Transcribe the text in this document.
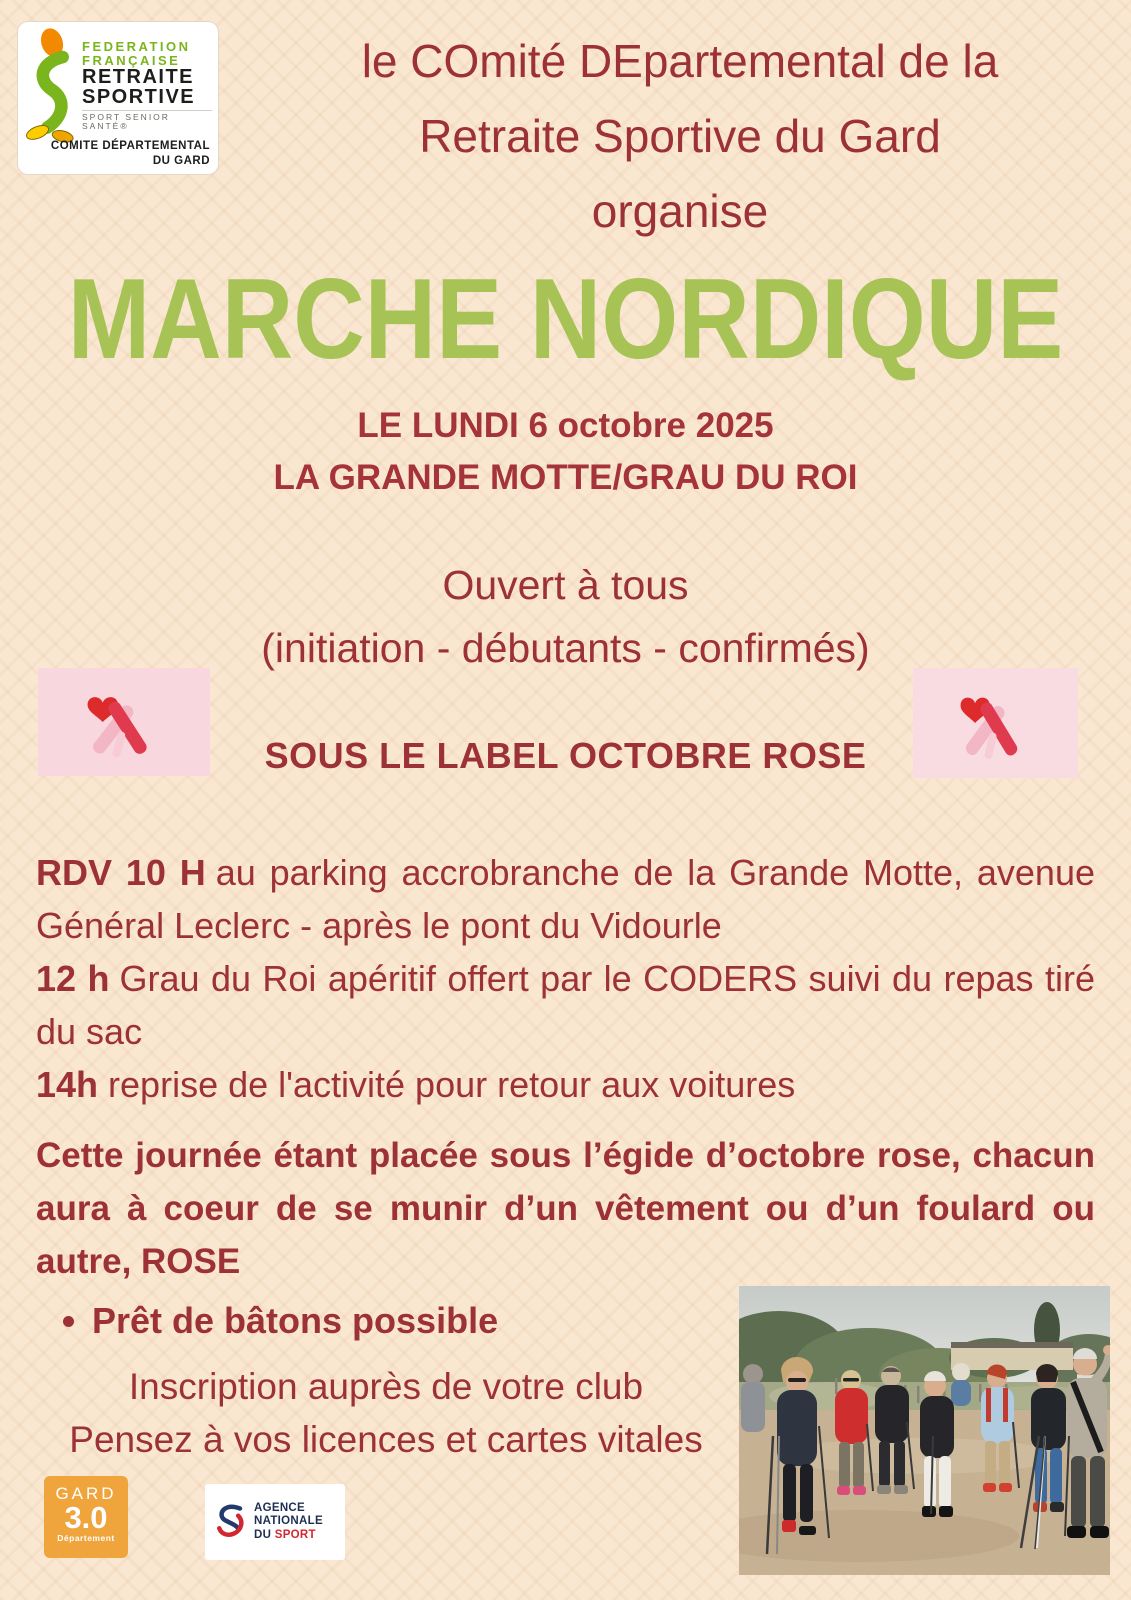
FEDERATION
FRANÇAISE
RETRAITE
SPORTIVE
SPORT SENIOR SANTÉ®
COMITE DÉPARTEMENTAL
DU GARD
le COmité DEpartemental de la
Retraite Sportive du Gard
organise
MARCHE NORDIQUE
LE LUNDI 6 octobre 2025
LA GRANDE MOTTE/GRAU DU ROI
Ouvert à tous
(initiation - débutants - confirmés)
SOUS LE LABEL OCTOBRE ROSE

RDV 10 H au parking accrobranche de la Grande Motte, avenue Général Leclerc - après le pont du Vidourle

12 h Grau du Roi apéritif offert par le CODERS suivi du repas tiré du sac

14h reprise de l'activité pour retour aux voitures

Cette journée étant placée sous l’égide d’octobre rose, chacun aura à coeur de se munir d’un vêtement ou d’un foulard ou autre, ROSE

• Prêt de bâtons possible
Inscription auprès de votre club
Pensez à vos licences et cartes vitales
GARD
3.0
Département
AGENCE
NATIONALE
DU SPORT
